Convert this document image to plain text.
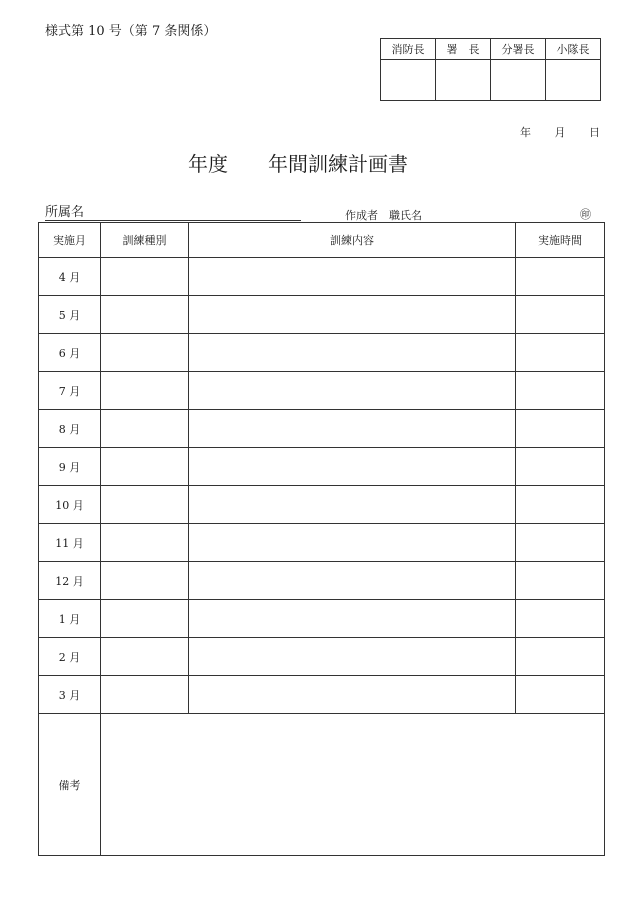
様式第 10 号（第 7 条関係）
消防長	署　長	分署長	小隊長

年 月 日
年度　　年間訓練計画書
所属名	作成者　職氏名	㊞
実施月	訓練種別	訓練内容	実施時間
4 月			
5 月			
6 月			
7 月			
8 月			
9 月			
10 月			
11 月			
12 月			
1 月			
2 月			
3 月			
備考			
